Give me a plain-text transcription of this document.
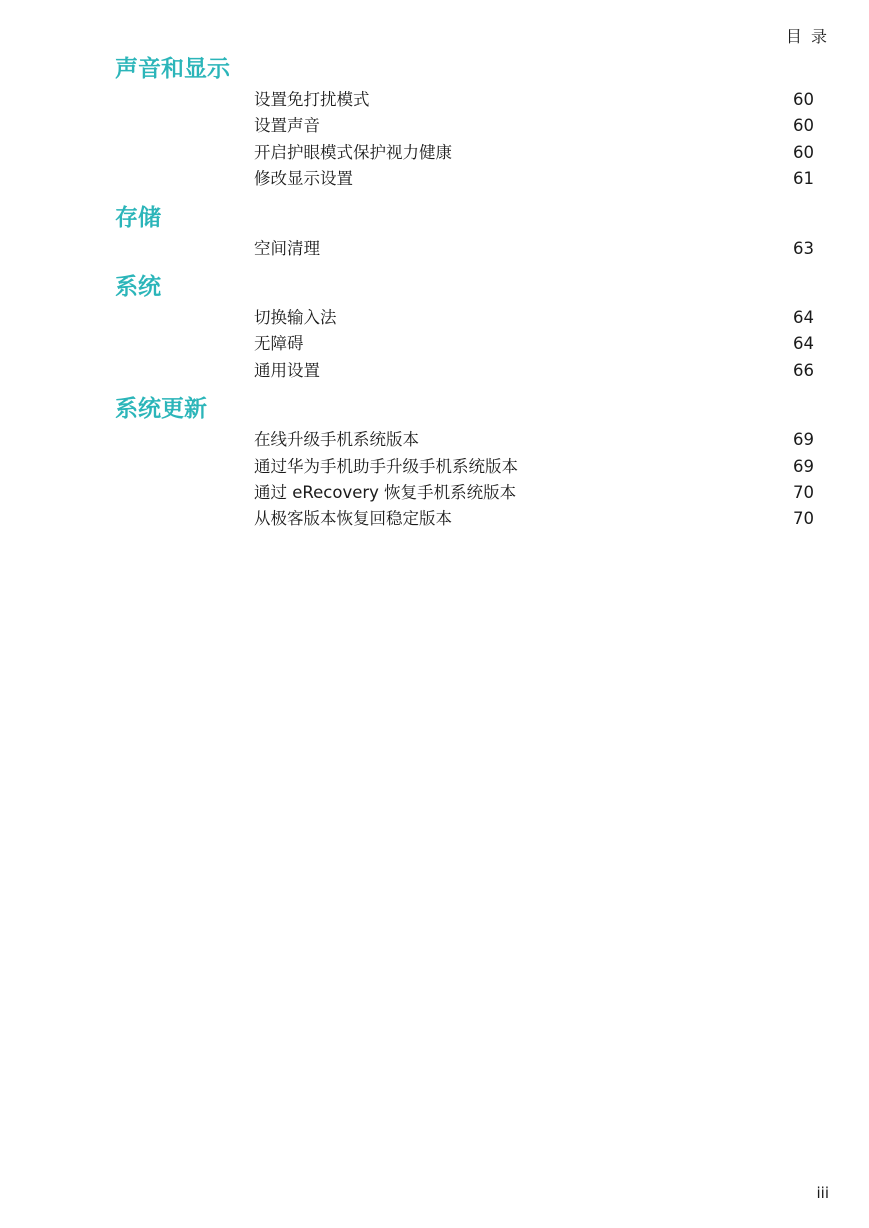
目 录
声音和显示
设置免打扰模式	60
设置声音	60
开启护眼模式保护视力健康	60
修改显示设置	61
存储
空间清理	63
系统
切换输入法	64
无障碍	64
通用设置	66
系统更新
在线升级手机系统版本	69
通过华为手机助手升级手机系统版本	69
通过 eRecovery 恢复手机系统版本	70
从极客版本恢复回稳定版本	70
iii
